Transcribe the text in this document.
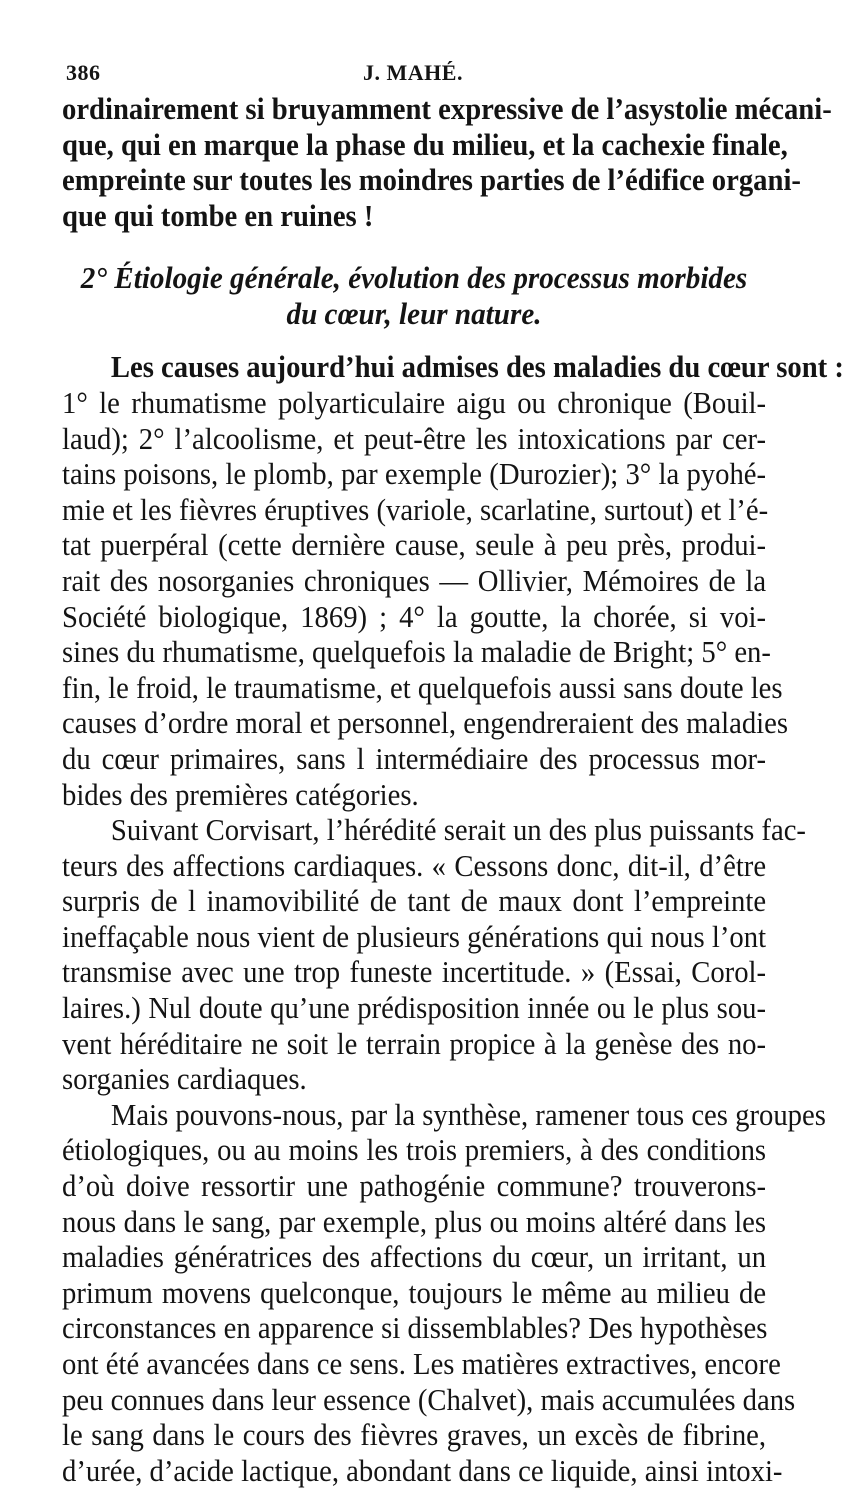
386	J. MAHÉ.
ordinairement si bruyamment expressive de l’asystolie mécani-
que, qui en marque la phase du milieu, et la cachexie finale,
empreinte sur toutes les moindres parties de l’édifice organi-
que qui tombe en ruines !
2° Étiologie générale, évolution des processus morbides
du cœur, leur nature.
Les causes aujourd’hui admises des maladies du cœur sont :
1° le rhumatisme polyarticulaire aigu ou chronique (Bouil-
laud); 2° l’alcoolisme, et peut-être les intoxications par cer-
tains poisons, le plomb, par exemple (Durozier); 3° la pyohé-
mie et les fièvres éruptives (variole, scarlatine, surtout) et l’é-
tat puerpéral (cette dernière cause, seule à peu près, produi-
rait des nosorganies chroniques — Ollivier, Mémoires de la
Société biologique, 1869) ; 4° la goutte, la chorée, si voi-
sines du rhumatisme, quelquefois la maladie de Bright; 5° en-
fin, le froid, le traumatisme, et quelquefois aussi sans doute les
causes d’ordre moral et personnel, engendreraient des maladies
du cœur primaires, sans l intermédiaire des processus mor-
bides des premières catégories.
Suivant Corvisart, l’hérédité serait un des plus puissants fac-
teurs des affections cardiaques. « Cessons donc, dit-il, d’être
surpris de l inamovibilité de tant de maux dont l’empreinte
ineffaçable nous vient de plusieurs générations qui nous l’ont
transmise avec une trop funeste incertitude. » (Essai, Corol-
laires.) Nul doute qu’une prédisposition innée ou le plus sou-
vent héréditaire ne soit le terrain propice à la genèse des no-
sorganies cardiaques.
Mais pouvons-nous, par la synthèse, ramener tous ces groupes
étiologiques, ou au moins les trois premiers, à des conditions
d’où doive ressortir une pathogénie commune? trouverons-
nous dans le sang, par exemple, plus ou moins altéré dans les
maladies génératrices des affections du cœur, un irritant, un
primum movens quelconque, toujours le même au milieu de
circonstances en apparence si dissemblables? Des hypothèses
ont été avancées dans ce sens. Les matières extractives, encore
peu connues dans leur essence (Chalvet), mais accumulées dans
le sang dans le cours des fièvres graves, un excès de fibrine,
d’urée, d’acide lactique, abondant dans ce liquide, ainsi intoxi-
